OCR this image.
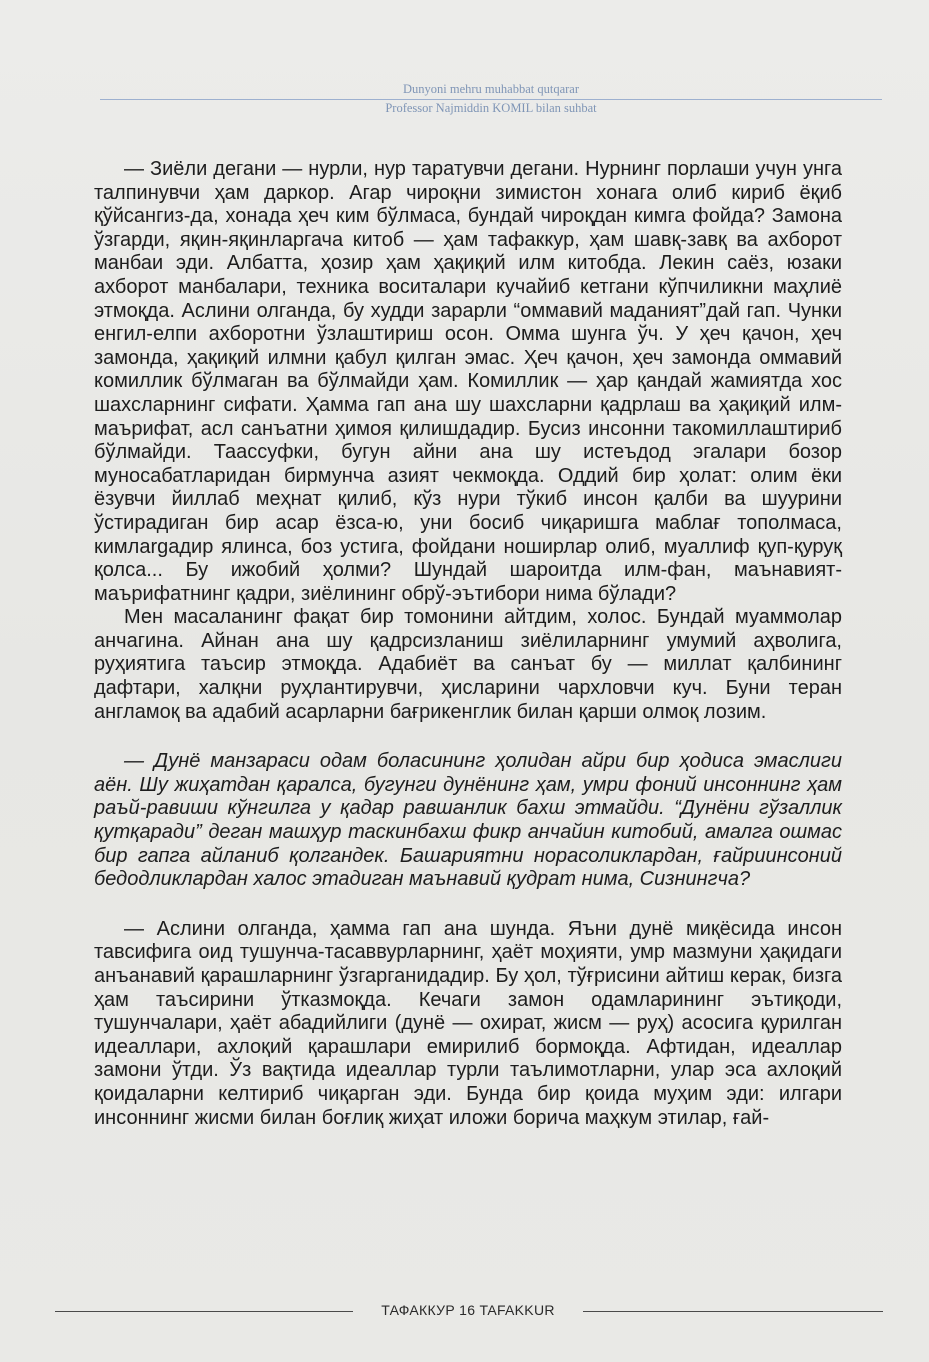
Dunyoni mehru muhabbat qutqarar
Professor Najmiddin KOMIL bilan suhbat

— Зиёли дегани — нурли, нур таратувчи дегани. Нурнинг порлаши учун унга талпинувчи ҳам даркор. Агар чироқни зимистон хонага олиб кириб ёқиб қўйсангиз-да, хонада ҳеч ким бўлмаса, бундай чироқдан кимга фойда? Замона ўзгарди, яқин-яқинларгача китоб — ҳам тафаккур, ҳам шавқ-завқ ва ахборот манбаи эди. Албатта, ҳозир ҳам ҳақиқий илм китобда. Лекин саёз, юзаки ахборот манбалари, техника воситалари кучайиб кетгани кўпчиликни маҳлиё этмоқда. Аслини олганда, бу худди зарарли “оммавий маданият”дай гап. Чунки енгил-елпи ахборотни ўзлаштириш осон. Омма шунга ўч. У ҳеч қачон, ҳеч замонда, ҳақиқий илмни қабул қилган эмас. Ҳеч қачон, ҳеч замонда оммавий комиллик бўлмаган ва бўлмайди ҳам. Комиллик — ҳар қандай жамиятда хос шахсларнинг сифати. Ҳамма гап ана шу шахсларни қадрлаш ва ҳақиқий илм-маърифат, асл санъатни ҳимоя қилишдадир. Бусиз инсонни такомиллаштириб бўлмайди. Таассуфки, бугун айни ана шу истеъдод эгалари бозор муносабатларидан бирмунча азият чекмоқда. Оддий бир ҳолат: олим ёки ёзувчи йиллаб меҳнат қилиб, кўз нури тўкиб инсон қалби ва шуурини ўстирадиган бир асар ёзса-ю, уни босиб чиқаришга маблағ тополмаса, кимлargадир ялинса, боз устига, фойдани ноширлар олиб, муаллиф қуп-қуруқ қолса... Бу ижобий ҳолми? Шундай шароитда илм-фан, маънавият-маърифатнинг қадри, зиёлининг обрў-эътибори нима бўлади?

Мен масаланинг фақат бир томонини айтдим, холос. Бундай муаммолар анчагина. Айнан ана шу қадрсизланиш зиёлиларнинг умумий аҳволига, руҳиятига таъсир этмоқда. Адабиёт ва санъат бу — миллат қалбининг дафтари, халқни руҳлантирувчи, ҳисларини чархловчи куч. Буни теран англамоқ ва адабий асарларни бағрикенглик билан қарши олмоқ лозим.

— Дунё манзараси одам боласининг ҳолидан айри бир ҳодиса эмаслиги аён. Шу жиҳатдан қаралса, бугунги дунёнинг ҳам, умри фоний инсоннинг ҳам раъй-равиши кўнгилга у қадар равшанлик бахш этмайди. “Дунёни гўзаллик қутқаради” деган машҳур таскинбахш фикр анчайин китобий, амалга ошмас бир гапга айланиб қолгандек. Башариятни норасоликлардан, ғайриинсоний бедодликлардан халос этадиган маънавий қудрат нима, Сизнингча?

— Аслини олганда, ҳамма гап ана шунда. Яъни дунё миқёсида инсон тавсифига оид тушунча-тасаввурларнинг, ҳаёт моҳияти, умр мазмуни ҳақидаги анъанавий қарашларнинг ўзгарганидадир. Бу ҳол, тўғрисини айтиш керак, бизга ҳам таъсирини ўтказмоқда. Кечаги замон одамларининг эътиқоди, тушунчалари, ҳаёт абадийлиги (дунё — охират, жисм — руҳ) асосига қурилган идеаллари, ахлоқий қарашлари емирилиб бормоқда. Афтидан, идеаллар замони ўтди. Ўз вақтида идеаллар турли таълимотларни, улар эса ахлоқий қоидаларни келтириб чиқарган эди. Бунда бир қоида муҳим эди: илгари инсоннинг жисми билан боғлиқ жиҳат иложи борича маҳкум этилар, ғай-

ТАФАККУР 16 TAFAKKUR
